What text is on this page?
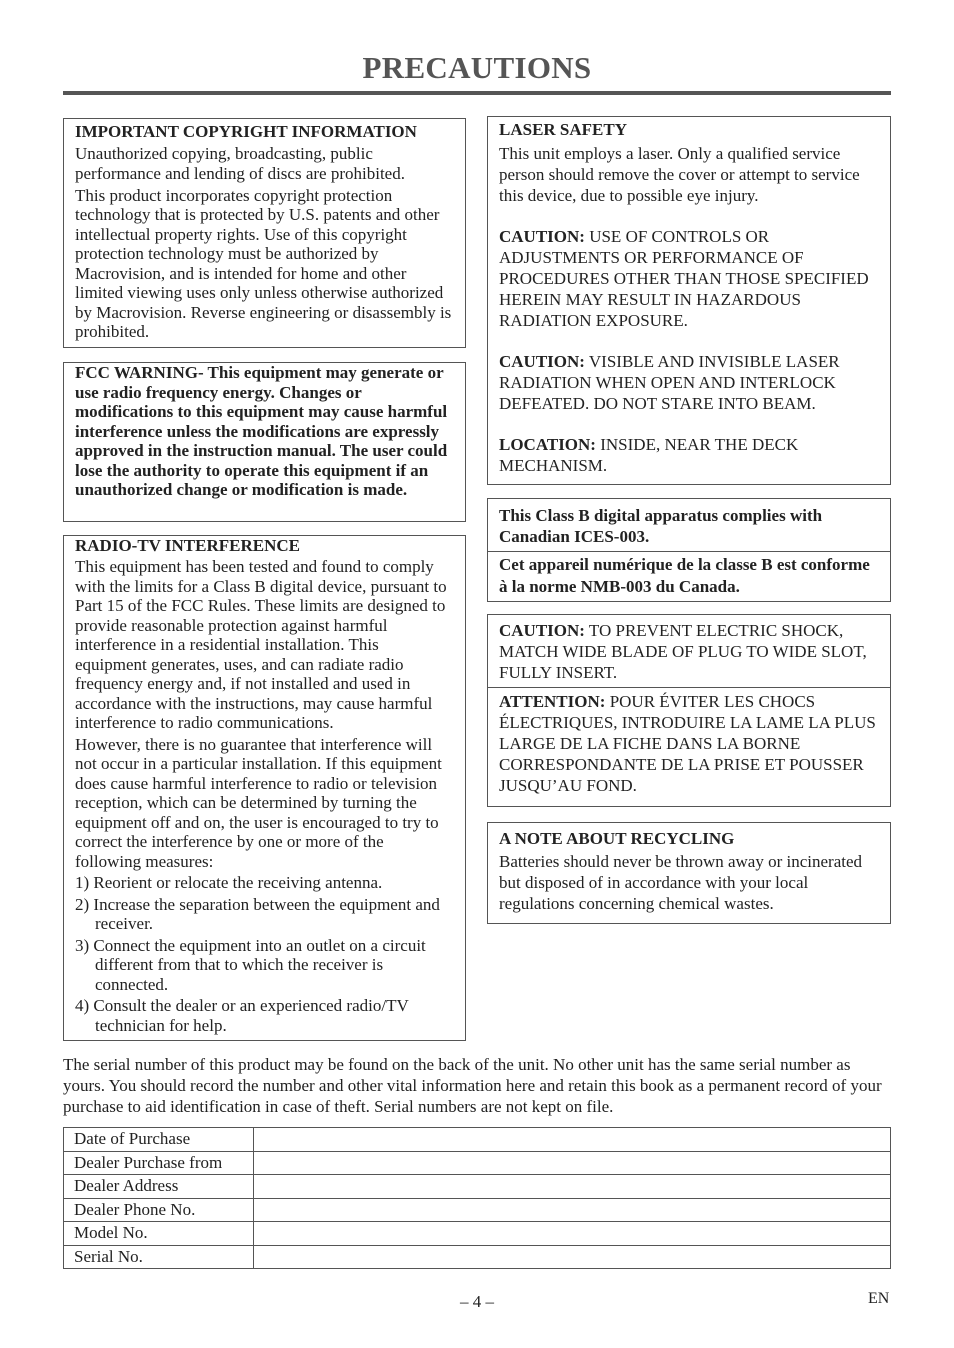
PRECAUTIONS

IMPORTANT COPYRIGHT INFORMATION

Unauthorized copying, broadcasting, public performance and lending of discs are prohibited.

This product incorporates copyright protection technology that is protected by U.S. patents and other intellectual property rights. Use of this copyright protection technology must be authorized by Macrovision, and is intended for home and other limited viewing uses only unless otherwise authorized by Macrovision. Reverse engineering or disassembly is prohibited.

FCC WARNING- This equipment may generate or use radio frequency energy. Changes or modifications to this equipment may cause harmful interference unless the modifications are expressly approved in the instruction manual. The user could lose the authority to operate this equipment if an unauthorized change or modification is made.

RADIO-TV INTERFERENCE

This equipment has been tested and found to comply with the limits for a Class B digital device, pursuant to Part 15 of the FCC Rules. These limits are designed to provide reasonable protection against harmful interference in a residential installation. This equipment generates, uses, and can radiate radio frequency energy and, if not installed and used in accordance with the instructions, may cause harmful interference to radio communications.

However, there is no guarantee that interference will not occur in a particular installation. If this equipment does cause harmful interference to radio or television reception, which can be determined by turning the equipment off and on, the user is encouraged to try to correct the interference by one or more of the following measures:

1) Reorient or relocate the receiving antenna.
2) Increase the separation between the equipment and receiver.
3) Connect the equipment into an outlet on a circuit different from that to which the receiver is connected.
4) Consult the dealer or an experienced radio/TV technician for help.

LASER SAFETY

This unit employs a laser. Only a qualified service person should remove the cover or attempt to service this device, due to possible eye injury.

CAUTION: USE OF CONTROLS OR ADJUSTMENTS OR PERFORMANCE OF PROCEDURES OTHER THAN THOSE SPECIFIED HEREIN MAY RESULT IN HAZARDOUS RADIATION EXPOSURE.

CAUTION: VISIBLE AND INVISIBLE LASER RADIATION WHEN OPEN AND INTERLOCK DEFEATED. DO NOT STARE INTO BEAM.

LOCATION: INSIDE, NEAR THE DECK MECHANISM.

This Class B digital apparatus complies with Canadian ICES-003.

Cet appareil numérique de la classe B est conforme à la norme NMB-003 du Canada.

CAUTION: TO PREVENT ELECTRIC SHOCK, MATCH WIDE BLADE OF PLUG TO WIDE SLOT, FULLY INSERT.

ATTENTION: POUR ÉVITER LES CHOCS ÉLECTRIQUES, INTRODUIRE LA LAME LA PLUS LARGE DE LA FICHE DANS LA BORNE CORRESPONDANTE DE LA PRISE ET POUSSER JUSQU’AU FOND.

A NOTE ABOUT RECYCLING

Batteries should never be thrown away or incinerated but disposed of in accordance with your local regulations concerning chemical wastes.

The serial number of this product may be found on the back of the unit. No other unit has the same serial number as yours. You should record the number and other vital information here and retain this book as a permanent record of your purchase to aid identification in case of theft. Serial numbers are not kept on file.
Date of Purchase	
Dealer Purchase from	
Dealer Address	
Dealer Phone No.	
Model No.	
Serial No.	
– 4 –	EN
